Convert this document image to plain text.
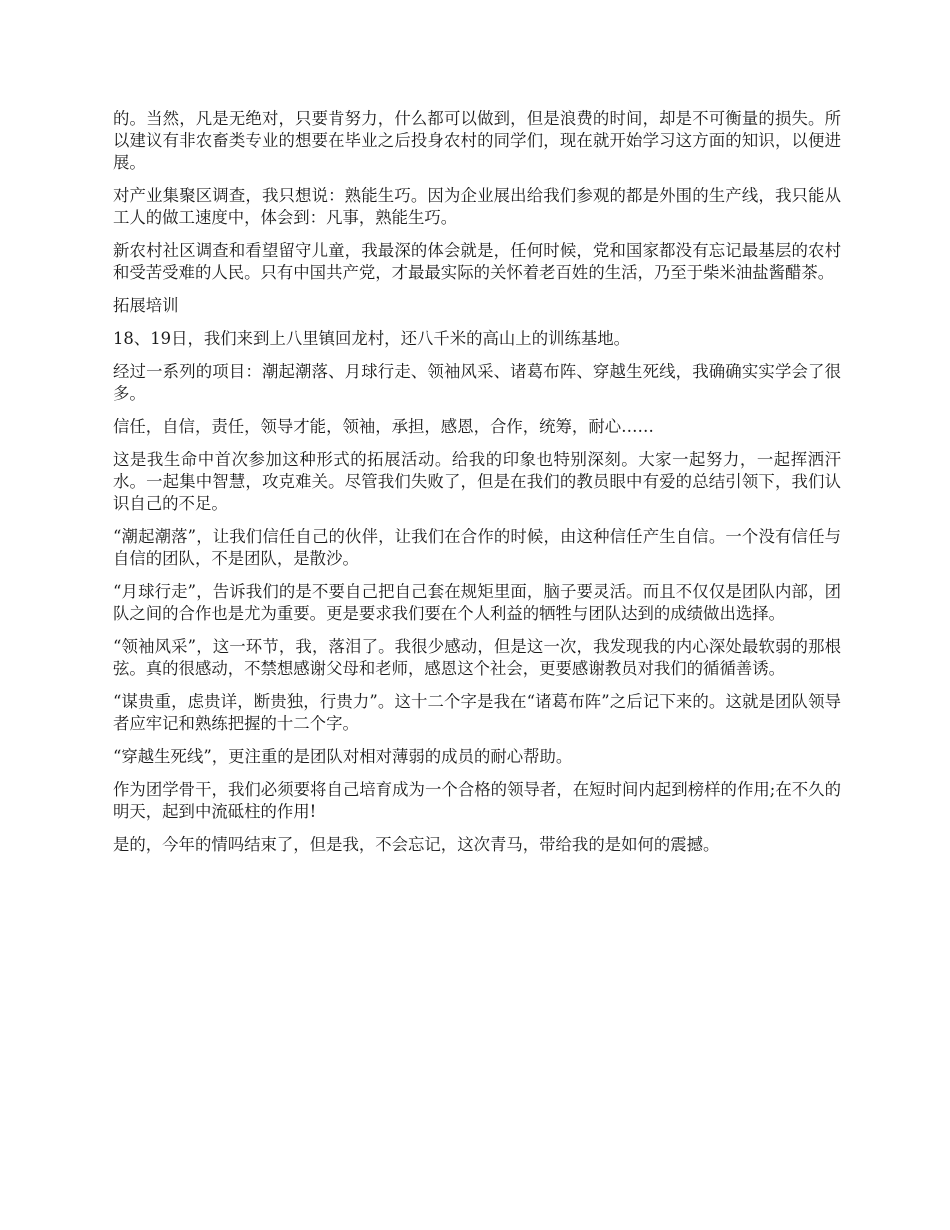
的。当然，凡是无绝对，只要肯努力，什么都可以做到，但是浪费的时间，却是不可衡量的损失。所以建议有非农畜类专业的想要在毕业之后投身农村的同学们，现在就开始学习这方面的知识，以便进展。

对产业集聚区调查，我只想说：熟能生巧。因为企业展出给我们参观的都是外围的生产线，我只能从工人的做工速度中，体会到：凡事，熟能生巧。

新农村社区调查和看望留守儿童，我最深的体会就是，任何时候，党和国家都没有忘记最基层的农村和受苦受难的人民。只有中国共产党，才最最实际的关怀着老百姓的生活，乃至于柴米油盐酱醋茶。

拓展培训

18、19日，我们来到上八里镇回龙村，还八千米的高山上的训练基地。

经过一系列的项目：潮起潮落、月球行走、领袖风采、诸葛布阵、穿越生死线，我确确实实学会了很多。

信任，自信，责任，领导才能，领袖，承担，感恩，合作，统筹，耐心……

这是我生命中首次参加这种形式的拓展活动。给我的印象也特别深刻。大家一起努力，一起挥洒汗水。一起集中智慧，攻克难关。尽管我们失败了，但是在我们的教员眼中有爱的总结引领下，我们认识自己的不足。

“潮起潮落”，让我们信任自己的伙伴，让我们在合作的时候，由这种信任产生自信。一个没有信任与自信的团队，不是团队，是散沙。

“月球行走”，告诉我们的是不要自己把自己套在规矩里面，脑子要灵活。而且不仅仅是团队内部，团队之间的合作也是尤为重要。更是要求我们要在个人利益的牺牲与团队达到的成绩做出选择。

“领袖风采”，这一环节，我，落泪了。我很少感动，但是这一次，我发现我的内心深处最软弱的那根弦。真的很感动，不禁想感谢父母和老师，感恩这个社会，更要感谢教员对我们的循循善诱。

“谋贵重，虑贵详，断贵独，行贵力”。这十二个字是我在“诸葛布阵”之后记下来的。这就是团队领导者应牢记和熟练把握的十二个字。

“穿越生死线”，更注重的是团队对相对薄弱的成员的耐心帮助。

作为团学骨干，我们必须要将自己培育成为一个合格的领导者，在短时间内起到榜样的作用;在不久的明天，起到中流砥柱的作用!

是的，今年的情吗结束了，但是我，不会忘记，这次青马，带给我的是如何的震撼。
